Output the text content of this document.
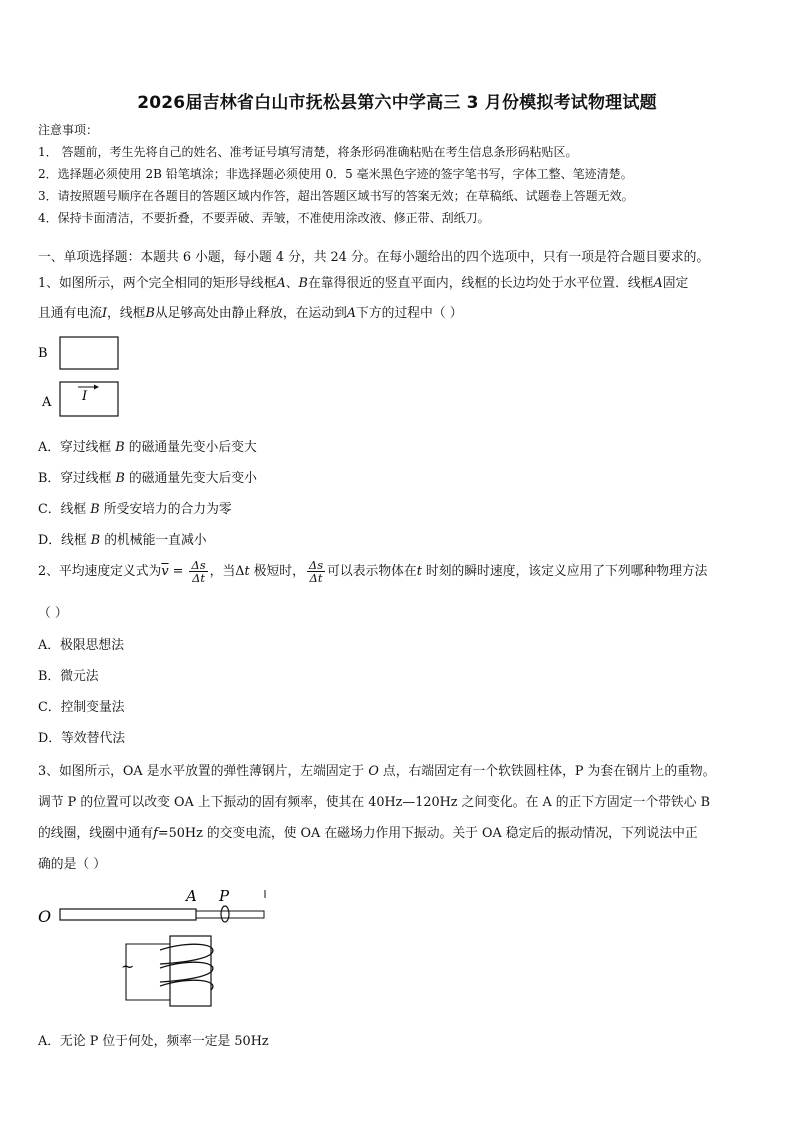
2026届吉林省白山市抚松县第六中学高三 3 月份模拟考试物理试题
注意事项：
1． 答题前，考生先将自己的姓名、准考证号填写清楚，将条形码准确粘贴在考生信息条形码粘贴区。
2．选择题必须使用 2B 铅笔填涂；非选择题必须使用 0．5 毫米黑色字迹的签字笔书写，字体工整、笔迹清楚。
3．请按照题号顺序在各题目的答题区域内作答，超出答题区域书写的答案无效；在草稿纸、试题卷上答题无效。
4．保持卡面清洁，不要折叠，不要弄破、弄皱，不准使用涂改液、修正带、刮纸刀。
一、单项选择题：本题共 6 小题，每小题 4 分，共 24 分。在每小题给出的四个选项中，只有一项是符合题目要求的。
1、如图所示，两个完全相同的矩形导线框A、B在靠得很近的竖直平面内，线框的长边均处于水平位置．线框A固定
且通有电流I，线框B从足够高处由静止释放，在运动到A下方的过程中（ ）
B
A I
A．穿过线框 B 的磁通量先变小后变大
B．穿过线框 B 的磁通量先变大后变小
C．线框 B 所受安培力的合力为零
D．线框 B 的机械能一直减小
2、平均速度定义式为$\overline{v} = \frac{\Delta s}{\Delta t}$ ，当Δt 极短时， $\frac{\Delta s}{\Delta t}$ 可以表示物体在t 时刻的瞬时速度，该定义应用了下列哪种物理方法
（ ）
A．极限思想法
B．微元法
C．控制变量法
D．等效替代法
3、如图所示，OA 是水平放置的弹性薄钢片，左端固定于 O 点，右端固定有一个软铁圆柱体，P 为套在钢片上的重物。
调节 P 的位置可以改变 OA 上下振动的固有频率，使其在 40Hz—120Hz 之间变化。在 A 的正下方固定一个带铁心 B
的线圈，线圈中通有f=50Hz 的交变电流，使 OA 在磁场力作用下振动。关于 OA 稳定后的振动情况，下列说法中正
确的是（ ）
O
A P
~
A．无论 P 位于何处，频率一定是 50Hz
